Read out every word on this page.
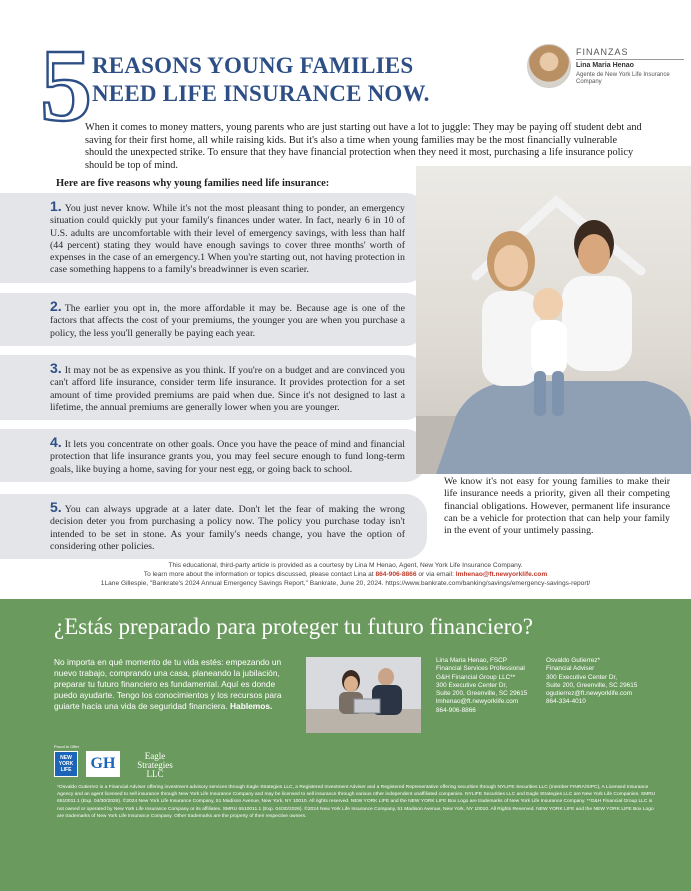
5 REASONS YOUNG FAMILIES
NEED LIFE INSURANCE NOW.
FINANZAS
Lina Maria Henao
Agente de New York Life Insurance Company
When it comes to money matters, young parents who are just starting out have a lot to juggle: They may be paying off student debt and saving for their first home, all while raising kids. But it's also a time when young families may be the most financially vulnerable should the unexpected strike. To ensure that they have financial protection when they need it most, purchasing a life insurance policy should be top of mind.
Here are five reasons why young families need life insurance:
1. You just never know. While it's not the most pleasant thing to ponder, an emergency situation could quickly put your family's finances under water. In fact, nearly 6 in 10 of U.S. adults are uncomfortable with their level of emergency savings, with less than half (44 percent) stating they would have enough savings to cover three months' worth of expenses in the case of an emergency.1 When you're starting out, not having protection in case something happens to a family's breadwinner is even scarier.
2. The earlier you opt in, the more affordable it may be. Because age is one of the factors that affects the cost of your premiums, the younger you are when you purchase a policy, the less you'll generally be paying each year.
3. It may not be as expensive as you think. If you're on a budget and are convinced you can't afford life insurance, consider term life insurance. It provides protection for a set amount of time provided premiums are paid when due. Since it's not designed to last a lifetime, the annual premiums are generally lower when you are younger.
4. It lets you concentrate on other goals. Once you have the peace of mind and financial protection that life insurance grants you, you may feel secure enough to fund long-term goals, like buying a home, saving for your nest egg, or going back to school.
5. You can always upgrade at a later date. Don't let the fear of making the wrong decision deter you from purchasing a policy now. The policy you purchase today isn't intended to be set in stone. As your family's needs change, you have the option of considering other policies.
We know it's not easy for young families to make their life insurance needs a priority, given all their competing financial obligations. However, permanent life insurance can be a vehicle for protection that can help your family in the event of your untimely passing.
This educational, third-party article is provided as a courtesy by Lina M Henao, Agent, New York Life Insurance Company.
To learn more about the information or topics discussed, please contact Lina at 864-906-8866 or via email: lmhenao@ft.newyorklife.com
1Lane Gillespie, "Bankrate's 2024 Annual Emergency Savings Report," Bankrate, June 20, 2024. https://www.bankrate.com/banking/savings/emergency-savings-report/
¿Estás preparado para proteger tu futuro financiero?
No importa en qué momento de tu vida estés: empezando un nuevo trabajo, comprando una casa, planeando la jubilación, preparar tu futuro financiero es fundamental. Aquí es donde puedo ayudarte. Tengo los conocimientos y los recursos para guiarte hacia una vida de seguridad financiera. Hablemos.
Lina Maria Henao, FSCP
Financial Services Professional
G&H Financial Group LLC**
300 Executive Center Dr,
Suite 200, Greenville, SC 29615
lmhenao@ft.newyorklife.com
864-906-8866
Osvaldo Gutierrez*
Financial Adviser
300 Executive Center Dr,
Suite 200, Greenville, SC 29615
ogutierrez@ft.newyorklife.com
864-334-4010
Proud to Offer
NEW YORK LIFE	GH	Eagle
Strategies
LLC
*Osvaldo Gutierrez is a Financial Adviser offering investment advisory services through Eagle Strategies LLC, a Registered Investment Adviser and a Registered Representative offering securities through NYLIFE Securities LLC (member FINRA/SIPC), A Licensed Insurance Agency and an agent licensed to sell insurance through New York Life Insurance Company and may be licensed to sell insurance through various other independent unaffiliated companies. NYLIFE Securities LLC and Eagle Strategies LLC are New York Life Companies. SMRU 6510011.1 (Exp. 04/30/2026). ©2024 New York Life Insurance Company, 51 Madison Avenue, New York, NY 10010. All rights reserved. NEW YORK LIFE and the NEW YORK LIFE Box Logo are trademarks of New York Life Insurance Company. **G&H Financial Group LLC is not owned or operated by New York Life Insurance Company or its affiliates. SMRU 6510011.1 (Exp. 04/30/2026). ©2024 New York Life Insurance Company, 51 Madison Avenue, New York, NY 10010. All Rights Reserved. NEW YORK LIFE and the NEW YORK LIFE Box Logo are trademarks of New York Life Insurance Company. Other trademarks are the property of their respective owners.
